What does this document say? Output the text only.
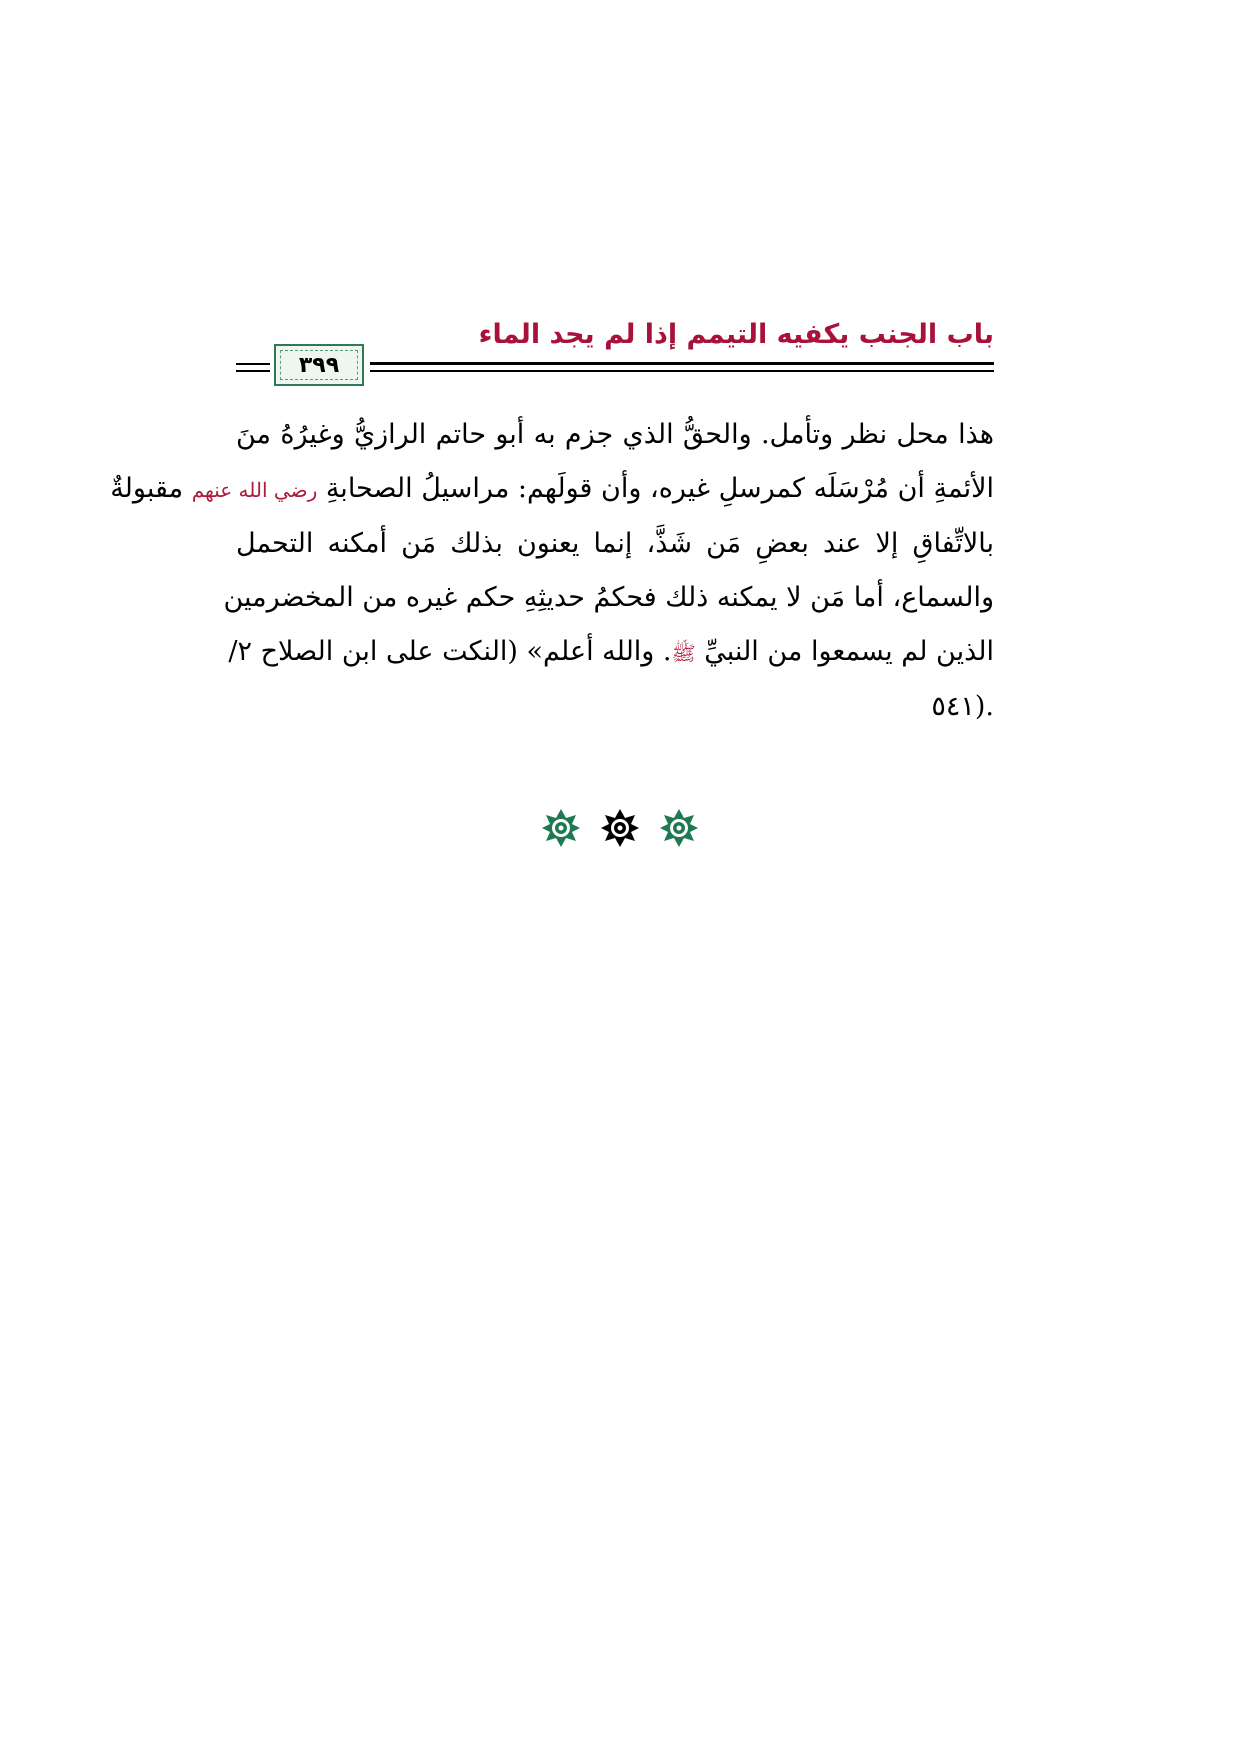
باب الجنب يكفيه التيمم إذا لم يجد الماء
٣٩٩
هذا محل نظر وتأمل. والحقُّ الذي جزم به أبو حاتم الرازيُّ وغيرُهُ منَ
الأئمةِ أن مُرْسَلَه كمرسلِ غيره، وأن قولَهم: مراسيلُ الصحابةِ رضي الله عنهم مقبولةٌ
بالاتِّفاقِ إلا عند بعضِ مَن شَذَّ، إنما يعنون بذلك مَن أمكنه التحمل
والسماع، أما مَن لا يمكنه ذلك فحكمُ حديثِهِ حكم غيره من المخضرمين
الذين لم يسمعوا من النبيِّ ﷺ. والله أعلم» (النكت على ابن الصلاح ٢/
.(٥٤١
